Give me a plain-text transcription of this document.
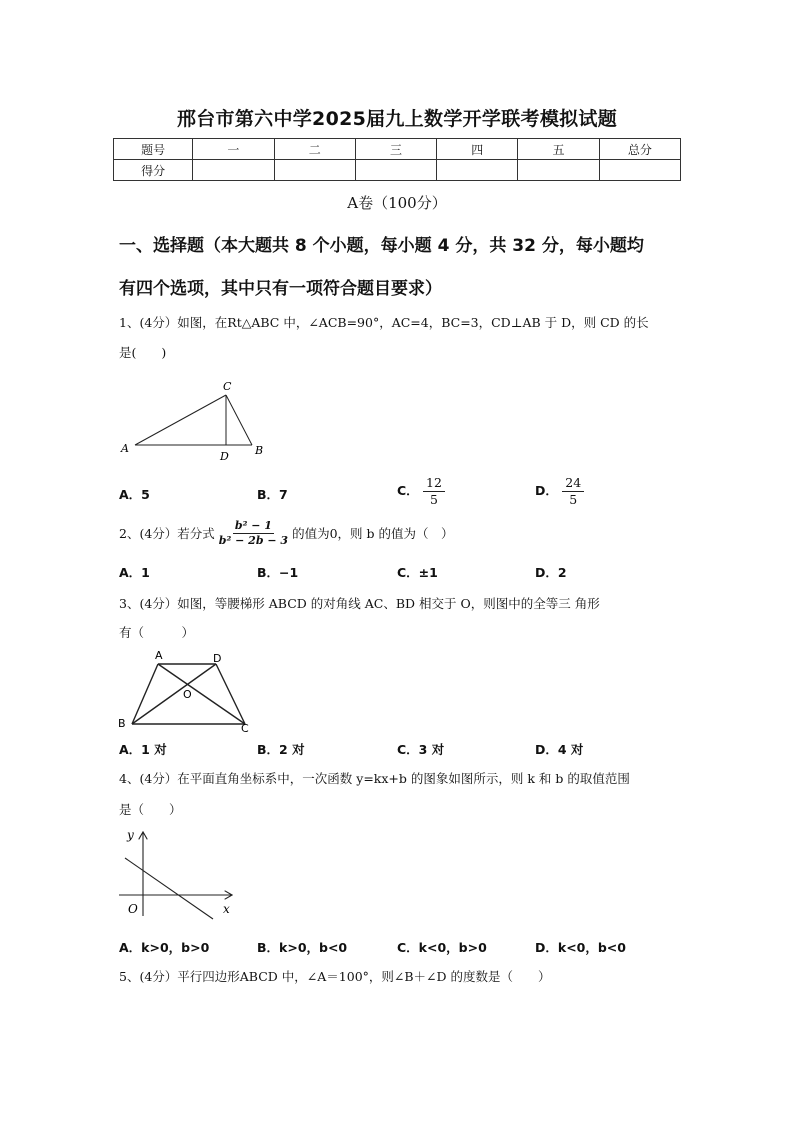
邢台市第六中学2025届九上数学开学联考模拟试题
题号	一	二	三	四	五	总分
得分						
A卷（100分）
一、选择题（本大题共 8 个小题，每小题 4 分，共 32 分，每小题均
有四个选项，其中只有一项符合题目要求）
1、(4分）如图，在Rt△ABC 中，∠ACB=90°，AC=4，BC=3，CD⊥AB 于 D，则 CD 的长
是(　　)
A	B
C
D
A．5	B．7	C． $\frac{12}{5}$	D． $\frac{24}{5}$
2、(4分）若分式 $\frac{\text{b² − 1}}{\text{b² − 2b − 3}}$ 的值为0，则 b 的值为（　）
A．1	B．−1	C．±1	D．2
3、(4分）如图，等腰梯形 ABCD 的对角线 AC、BD 相交于 O，则图中的全等三 角形
有（　　　）
A	D
B	C
O
A．1 对	B．2 对	C．3 对	D．4 对
4、(4分）在平面直角坐标系中，一次函数 y=kx+b 的图象如图所示，则 k 和 b 的取值范围
是（　　）
y
x
O
A．k>0，b>0	B．k>0，b<0	C．k<0，b>0	D．k<0，b<0
5、(4分）平行四边形ABCD 中，∠A＝100°，则∠B＋∠D 的度数是（　　）
